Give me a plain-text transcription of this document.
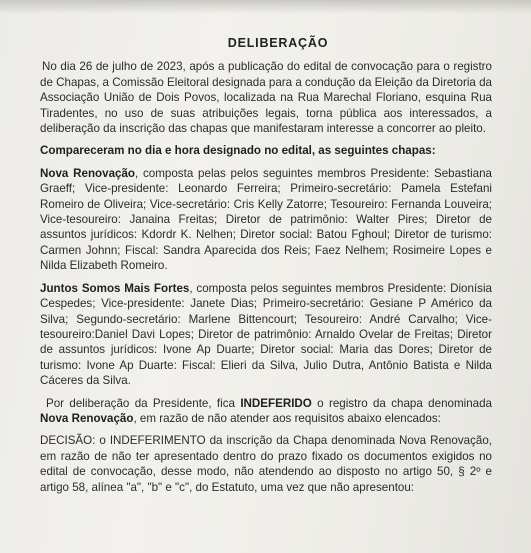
DELIBERAÇÃO

No dia 26 de julho de 2023, após a publicação do edital de convocação para o registro de Chapas, a Comissão Eleitoral designada para a condução da Eleição da Diretoria da Associação União de Dois Povos, localizada na Rua Marechal Floriano, esquina Rua Tiradentes, no uso de suas atribuições legais, torna pública aos interessados, a deliberação da inscrição das chapas que manifestaram interesse a concorrer ao pleito.

Compareceram no dia e hora designado no edital, as seguintes chapas:

Nova Renovação, composta pelas pelos seguintes membros Presidente: Sebastiana Graeff; Vice-presidente: Leonardo Ferreira; Primeiro-secretário: Pamela Estefani Romeiro de Oliveira; Vice-secretário: Cris Kelly Zatorre; Tesoureiro: Fernanda Louveira; Vice-tesoureiro: Janaina Freitas; Diretor de patrimônio: Walter Pires; Diretor de assuntos jurídicos: Kdordr K. Nelhen; Diretor social: Batou Fghoul; Diretor de turismo: Carmen Johnn; Fiscal: Sandra Aparecida dos Reis; Faez Nelhem; Rosimeire Lopes e Nilda Elizabeth Romeiro.

Juntos Somos Mais Fortes, composta pelos seguintes membros Presidente: Dionísia Cespedes; Vice-presidente: Janete Dias; Primeiro-secretário: Gesiane P Américo da Silva; Segundo-secretário: Marlene Bittencourt; Tesoureiro: André Carvalho; Vice-tesoureiro:Daniel Davi Lopes; Diretor de patrimônio: Arnaldo Ovelar de Freitas; Diretor de assuntos jurídicos: Ivone Ap Duarte; Diretor social: Maria das Dores; Diretor de turismo: Ivone Ap Duarte: Fiscal: Elieri da Silva, Julio Dutra, Antônio Batista e Nilda Cáceres da Silva.

Por deliberação da Presidente, fica INDEFERIDO o registro da chapa denominada Nova Renovação, em razão de não atender aos requisitos abaixo elencados:

DECISÃO: o INDEFERIMENTO da inscrição da Chapa denominada Nova Renovação, em razão de não ter apresentado dentro do prazo fixado os documentos exigidos no edital de convocação, desse modo, não atendendo ao disposto no artigo 50, § 2º e artigo 58, alínea "a", "b" e "c", do Estatuto, uma vez que não apresentou:
